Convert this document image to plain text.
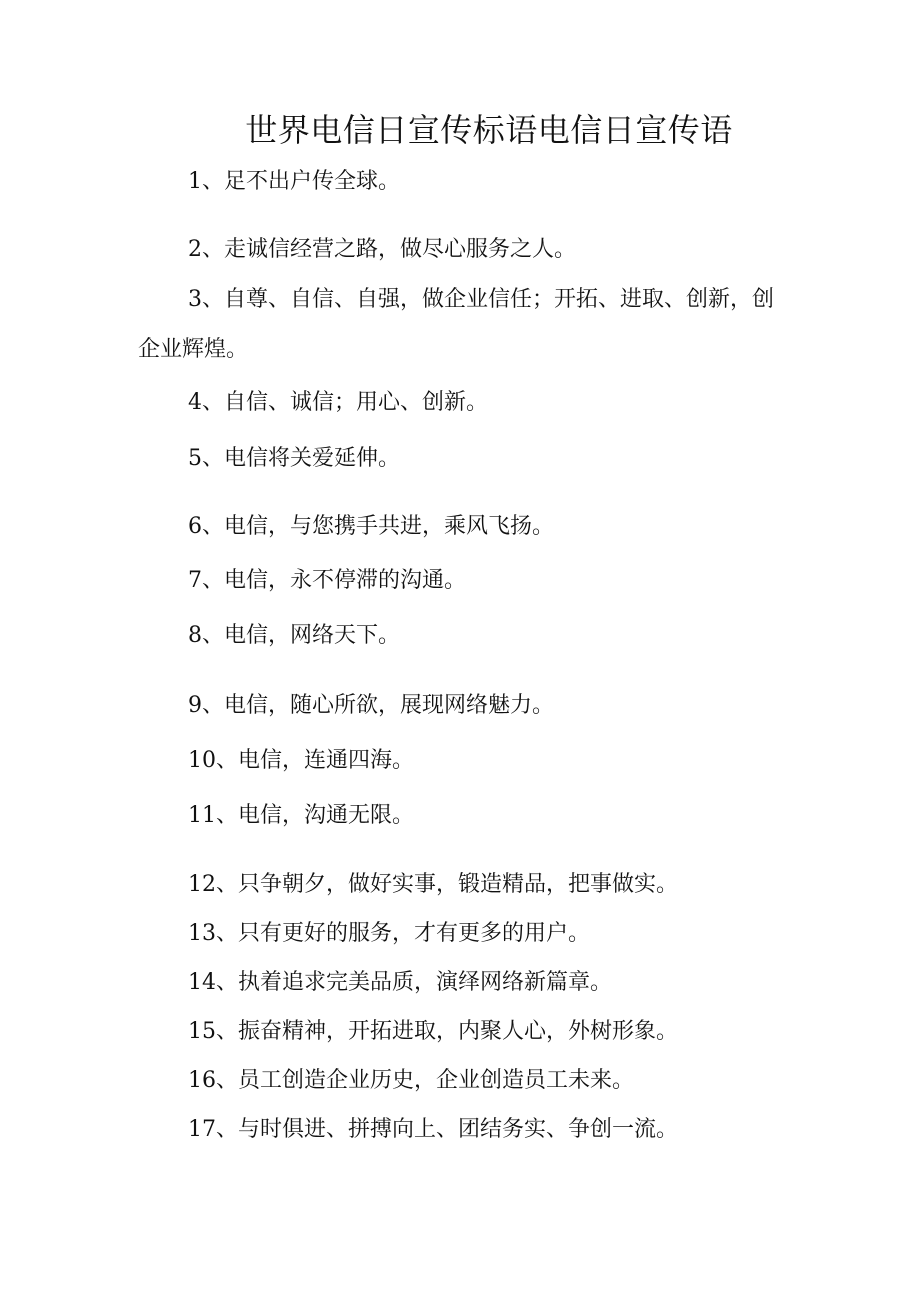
世界电信日宣传标语电信日宣传语

1、足不出户传全球。

2、走诚信经营之路，做尽心服务之人。

3、自尊、自信、自强，做企业信任；开拓、进取、创新，创企业辉煌。

4、自信、诚信；用心、创新。

5、电信将关爱延伸。

6、电信，与您携手共进，乘风飞扬。

7、电信，永不停滞的沟通。

8、电信，网络天下。

9、电信，随心所欲，展现网络魅力。

10、电信，连通四海。

11、电信，沟通无限。

12、只争朝夕，做好实事，锻造精品，把事做实。

13、只有更好的服务，才有更多的用户。

14、执着追求完美品质，演绎网络新篇章。

15、振奋精神，开拓进取，内聚人心，外树形象。

16、员工创造企业历史，企业创造员工未来。

17、与时俱进、拼搏向上、团结务实、争创一流。
